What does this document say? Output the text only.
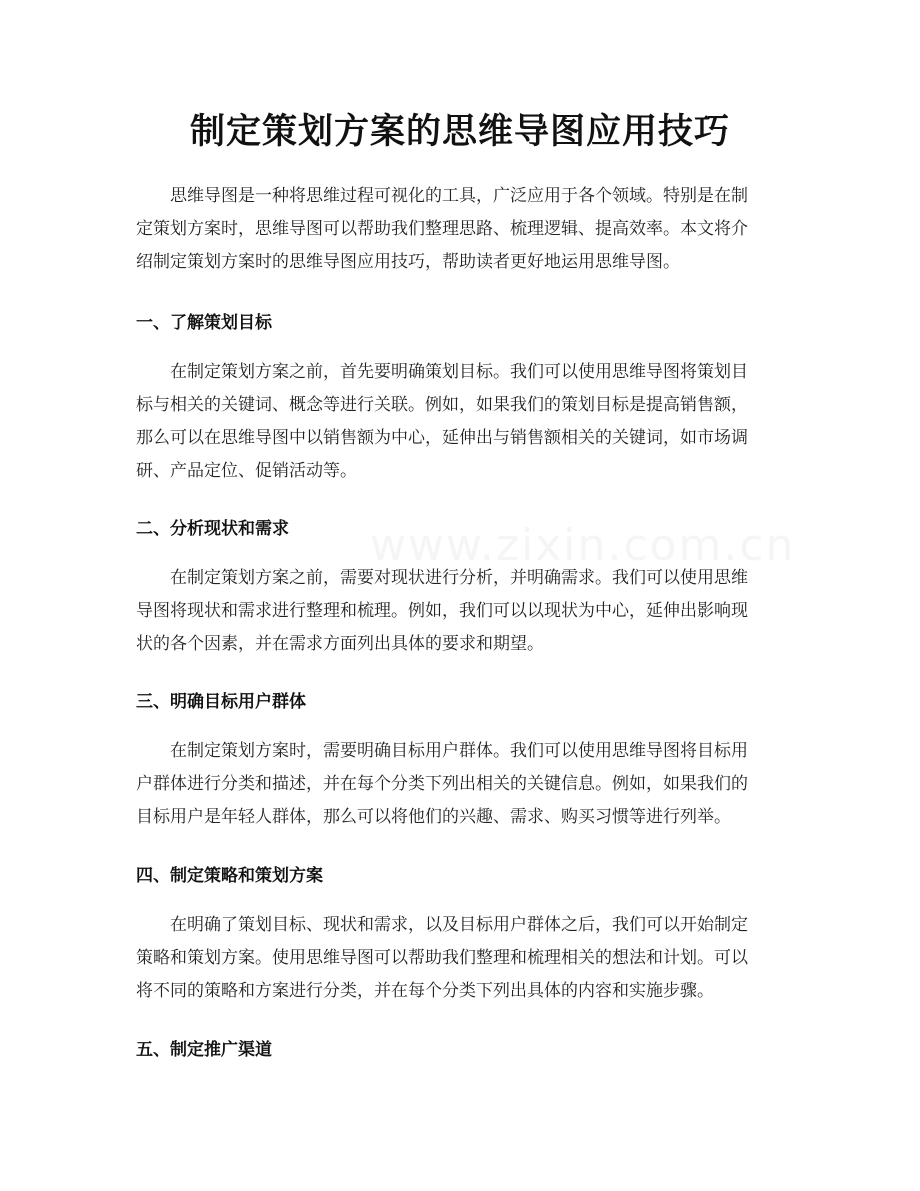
www.zixin.com.cn
制定策划方案的思维导图应用技巧
思维导图是一种将思维过程可视化的工具，广泛应用于各个领域。特别是在制
定策划方案时，思维导图可以帮助我们整理思路、梳理逻辑、提高效率。本文将介
绍制定策划方案时的思维导图应用技巧，帮助读者更好地运用思维导图。
一、了解策划目标
在制定策划方案之前，首先要明确策划目标。我们可以使用思维导图将策划目
标与相关的关键词、概念等进行关联。例如，如果我们的策划目标是提高销售额，
那么可以在思维导图中以销售额为中心，延伸出与销售额相关的关键词，如市场调
研、产品定位、促销活动等。
二、分析现状和需求
在制定策划方案之前，需要对现状进行分析，并明确需求。我们可以使用思维
导图将现状和需求进行整理和梳理。例如，我们可以以现状为中心，延伸出影响现
状的各个因素，并在需求方面列出具体的要求和期望。
三、明确目标用户群体
在制定策划方案时，需要明确目标用户群体。我们可以使用思维导图将目标用
户群体进行分类和描述，并在每个分类下列出相关的关键信息。例如，如果我们的
目标用户是年轻人群体，那么可以将他们的兴趣、需求、购买习惯等进行列举。
四、制定策略和策划方案
在明确了策划目标、现状和需求，以及目标用户群体之后，我们可以开始制定
策略和策划方案。使用思维导图可以帮助我们整理和梳理相关的想法和计划。可以
将不同的策略和方案进行分类，并在每个分类下列出具体的内容和实施步骤。
五、制定推广渠道
